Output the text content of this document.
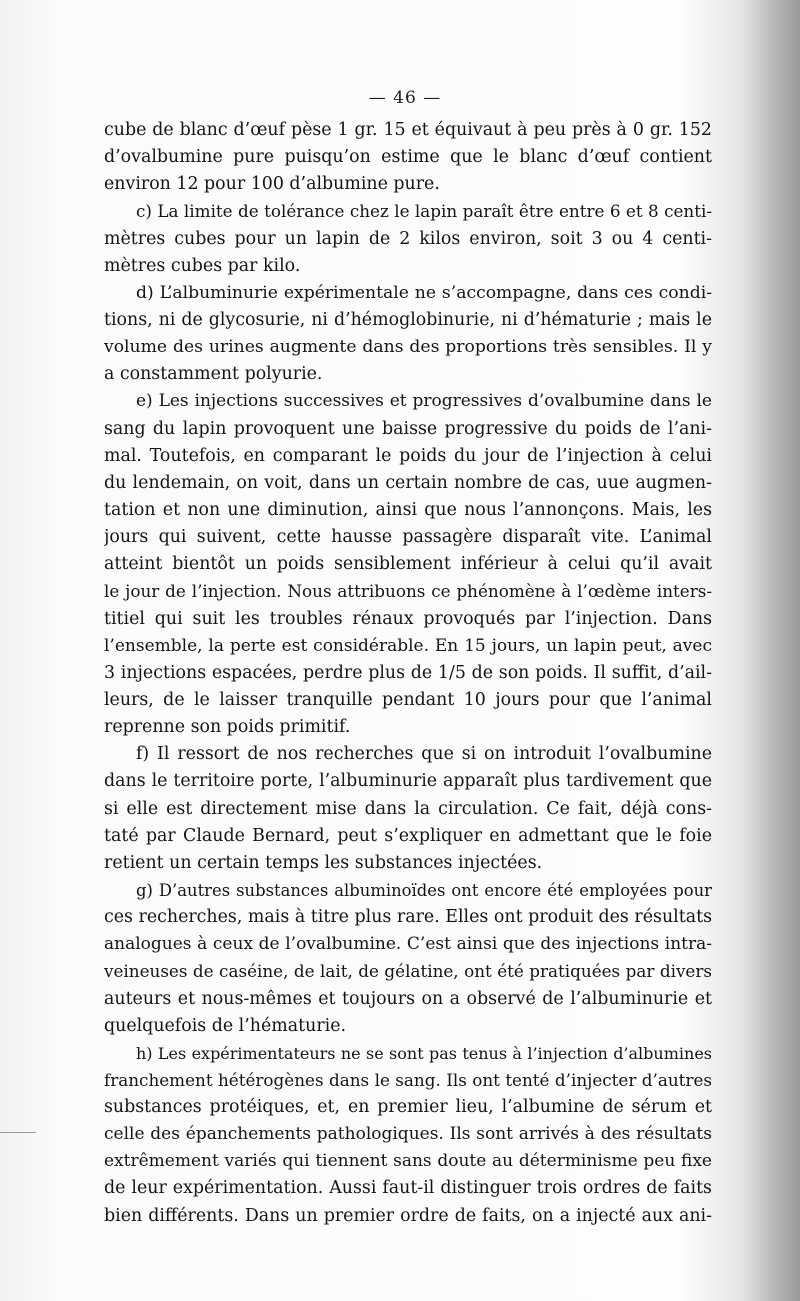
— 46 —
cube de blanc d’œuf pèse 1 gr. 15 et équivaut à peu près à 0 gr. 152
d’ovalbumine pure puisqu’on estime que le blanc d’œuf contient
environ 12 pour 100 d’albumine pure.
c) La limite de tolérance chez le lapin paraît être entre 6 et 8 centi-
mètres cubes pour un lapin de 2 kilos environ, soit 3 ou 4 centi-
mètres cubes par kilo.
d) L’albuminurie expérimentale ne s’accompagne, dans ces condi-
tions, ni de glycosurie, ni d’hémoglobinurie, ni d’hématurie ; mais le
volume des urines augmente dans des proportions très sensibles. Il y
a constamment polyurie.
e) Les injections successives et progressives d’ovalbumine dans le
sang du lapin provoquent une baisse progressive du poids de l’ani-
mal. Toutefois, en comparant le poids du jour de l’injection à celui
du lendemain, on voit, dans un certain nombre de cas, uue augmen-
tation et non une diminution, ainsi que nous l’annonçons. Mais, les
jours qui suivent, cette hausse passagère disparaît vite. L’animal
atteint bientôt un poids sensiblement inférieur à celui qu’il avait
le jour de l’injection. Nous attribuons ce phénomène à l’œdème inters-
titiel qui suit les troubles rénaux provoqués par l’injection. Dans
l’ensemble, la perte est considérable. En 15 jours, un lapin peut, avec
3 injections espacées, perdre plus de 1/5 de son poids. Il suffit, d’ail-
leurs, de le laisser tranquille pendant 10 jours pour que l’animal
reprenne son poids primitif.
f) Il ressort de nos recherches que si on introduit l’ovalbumine
dans le territoire porte, l’albuminurie apparaît plus tardivement que
si elle est directement mise dans la circulation. Ce fait, déjà cons-
taté par Claude Bernard, peut s’expliquer en admettant que le foie
retient un certain temps les substances injectées.
g) D’autres substances albuminoïdes ont encore été employées pour
ces recherches, mais à titre plus rare. Elles ont produit des résultats
analogues à ceux de l’ovalbumine. C’est ainsi que des injections intra-
veineuses de caséine, de lait, de gélatine, ont été pratiquées par divers
auteurs et nous-mêmes et toujours on a observé de l’albuminurie et
quelquefois de l’hématurie.
h) Les expérimentateurs ne se sont pas tenus à l’injection d’albumines
franchement hétérogènes dans le sang. Ils ont tenté d’injecter d’autres
substances protéiques, et, en premier lieu, l’albumine de sérum et
celle des épanchements pathologiques. Ils sont arrivés à des résultats
extrêmement variés qui tiennent sans doute au déterminisme peu fixe
de leur expérimentation. Aussi faut-il distinguer trois ordres de faits
bien différents. Dans un premier ordre de faits, on a injecté aux ani-
